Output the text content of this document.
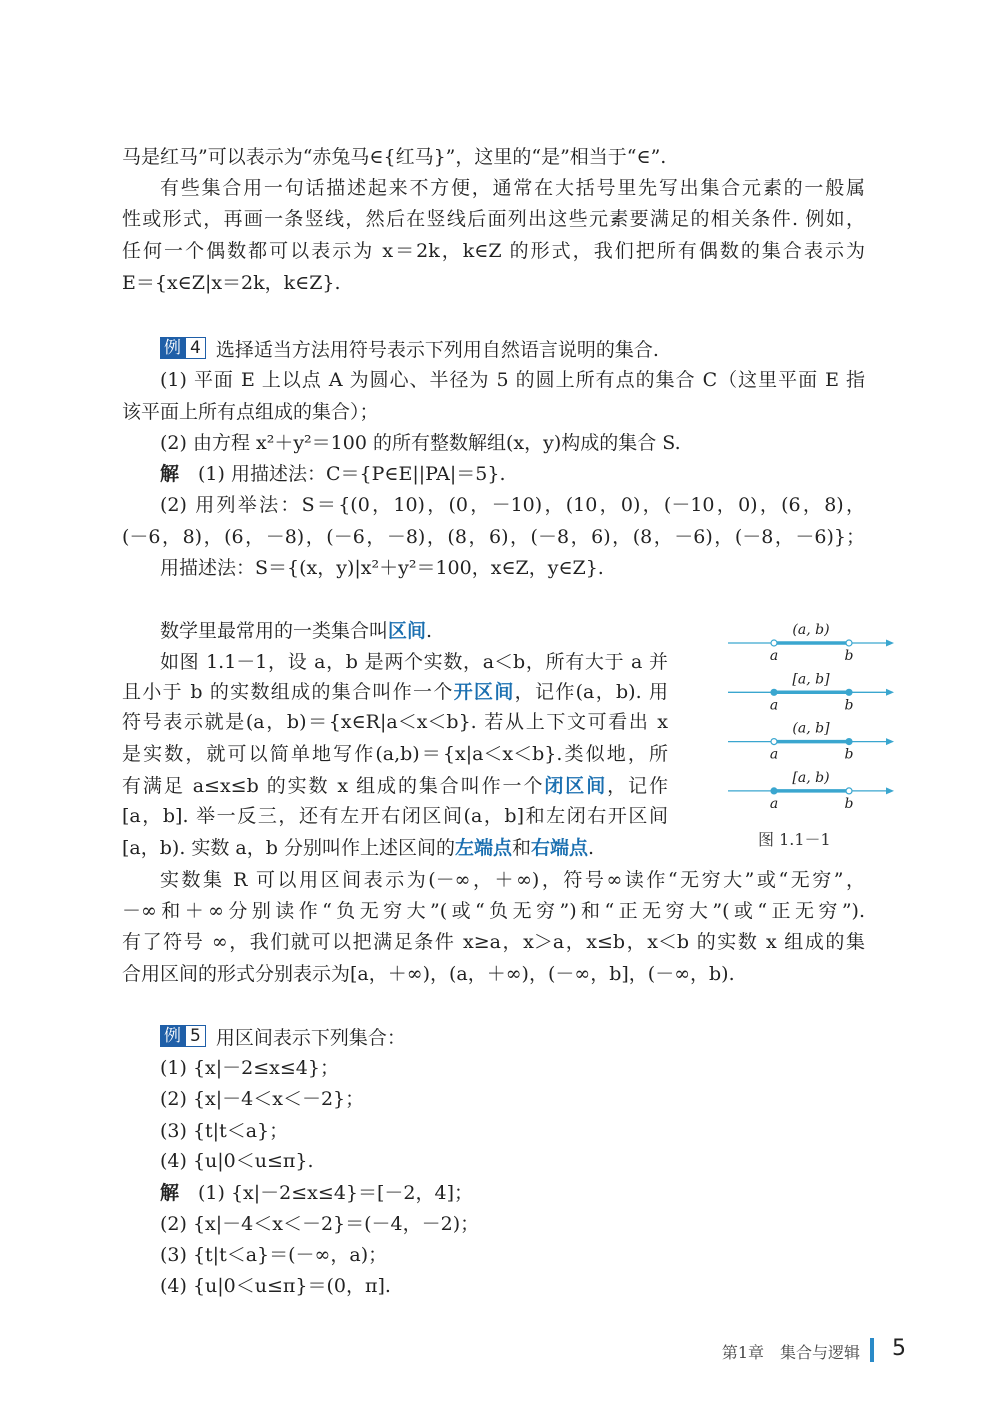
例 4 选择适当方法用符号表示下列用自然语言说明的集合.
例 5 用区间表示下列集合：
(a, b)
a	b
[a, b]
a	b
(a, b]
a	b
[a, b)
a	b
图 1.1－1
第1章　集合与逻辑 5
马是红马”可以表示为“赤兔马∈{红马}”，这里的“是”相当于“∈”.
有些集合用一句话描述起来不方便，通常在大括号里先写出集合元素的一般属
性或形式，再画一条竖线，然后在竖线后面列出这些元素要满足的相关条件. 例如，
任何一个偶数都可以表示为 x＝2k，k∈Z 的形式，我们把所有偶数的集合表示为
E＝{x∈Z|x＝2k，k∈Z}.
(1) 平面 E 上以点 A 为圆心、半径为 5 的圆上所有点的集合 C（这里平面 E 指
该平面上所有点组成的集合）；
(2) 由方程 x²＋y²＝100 的所有整数解组(x，y)构成的集合 S.
解　(1) 用描述法：C＝{P∈E||PA|＝5}.
(2) 用列举法：S＝{(0，10)，(0，－10)，(10，0)，(－10，0)，(6，8)，
(－6，8)，(6，－8)，(－6，－8)，(8，6)，(－8，6)，(8，－6)，(－8，－6)}；
用描述法：S＝{(x，y)|x²＋y²＝100，x∈Z，y∈Z}.
数学里最常用的一类集合叫区间.
如图 1.1－1，设 a，b 是两个实数，a＜b，所有大于 a 并
且小于 b 的实数组成的集合叫作一个开区间，记作(a，b). 用
符号表示就是(a，b)＝{x∈R|a＜x＜b}. 若从上下文可看出 x
是实数，就可以简单地写作(a,b)＝{x|a＜x＜b}.类似地，所
有满足 a≤x≤b 的实数 x 组成的集合叫作一个闭区间，记作
[a，b]. 举一反三，还有左开右闭区间(a，b]和左闭右开区间
[a，b). 实数 a，b 分别叫作上述区间的左端点和右端点.
实数集 R 可以用区间表示为(－∞，＋∞)，符号∞读作“无穷大”或“无穷”，
－∞和＋∞分别读作“负无穷大”(或“负无穷”)和“正无穷大”(或“正无穷”).
有了符号 ∞，我们就可以把满足条件 x≥a，x＞a，x≤b，x＜b 的实数 x 组成的集
合用区间的形式分别表示为[a，＋∞)，(a，＋∞)，(－∞，b]，(－∞，b).
(1) {x|－2≤x≤4}；
(2) {x|－4＜x＜－2}；
(3) {t|t＜a}；
(4) {u|0＜u≤π}.
解　(1) {x|－2≤x≤4}＝[－2，4]；
(2) {x|－4＜x＜－2}＝(－4，－2)；
(3) {t|t＜a}＝(－∞，a)；
(4) {u|0＜u≤π}＝(0，π].
